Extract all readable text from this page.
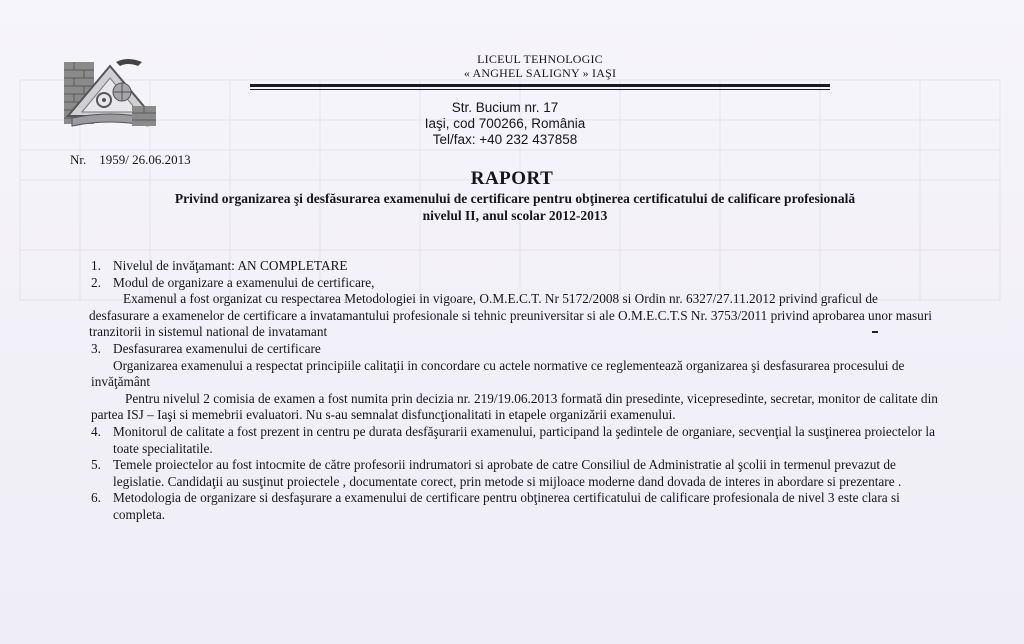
LICEUL TEHNOLOGIC
« ANGHEL SALIGNY » IAŞI
Str. Bucium nr. 17
Iaşi, cod 700266, România
Tel/fax: +40 232 437858
Nr.    1959/ 26.06.2013
RAPORT
Privind organizarea şi desfăsurarea examenului de certificare pentru obţinerea certificatului de calificare profesională
nivelul II, anul scolar 2012-2013
1. Nivelul de invăţamant: AN COMPLETARE
2. Modul de organizare a examenului de certificare,

Examenul a fost organizat cu respectarea Metodologiei in vigoare, O.M.E.C.T. Nr 5172/2008 si Ordin nr. 6327/27.11.2012 privind graficul de desfasurare a examenelor de certificare a invatamantului profesionale si tehnic preuniversitar si ale O.M.E.C.T.S Nr. 3753/2011 privind aprobarea unor masuri tranzitorii in sistemul national de invatamant

3. Desfasurarea examenului de certificare

Organizarea examenului a respectat principiile calitaţii in concordare cu actele normative ce reglementează organizarea şi desfasurarea procesului de invăţământ

Pentru nivelul 2 comisia de examen a fost numita prin decizia nr. 219/19.06.2013 formată din presedinte, vicepresedinte, secretar, monitor de calitate din partea ISJ – Iaşi si memebrii evaluatori. Nu s-au semnalat disfuncţionalitati in etapele organizării examenului.

4. Monitorul de calitate a fost prezent in centru pe durata desfăşurarii examenului, participand la şedintele de organiare, secvenţial la susţinerea proiectelor la toate specialitatile.
5. Temele proiectelor au fost intocmite de către profesorii indrumatori si aprobate de catre Consiliul de Administratie al şcolii in termenul prevazut de legislatie. Candidaţii au susţinut proiectele , documentate corect, prin metode si mijloace moderne dand dovada de interes in abordare si prezentare .
6. Metodologia de organizare si desfaşurare a examenului de certificare pentru obţinerea certificatului de calificare profesionala de nivel 3 este clara si completa.
